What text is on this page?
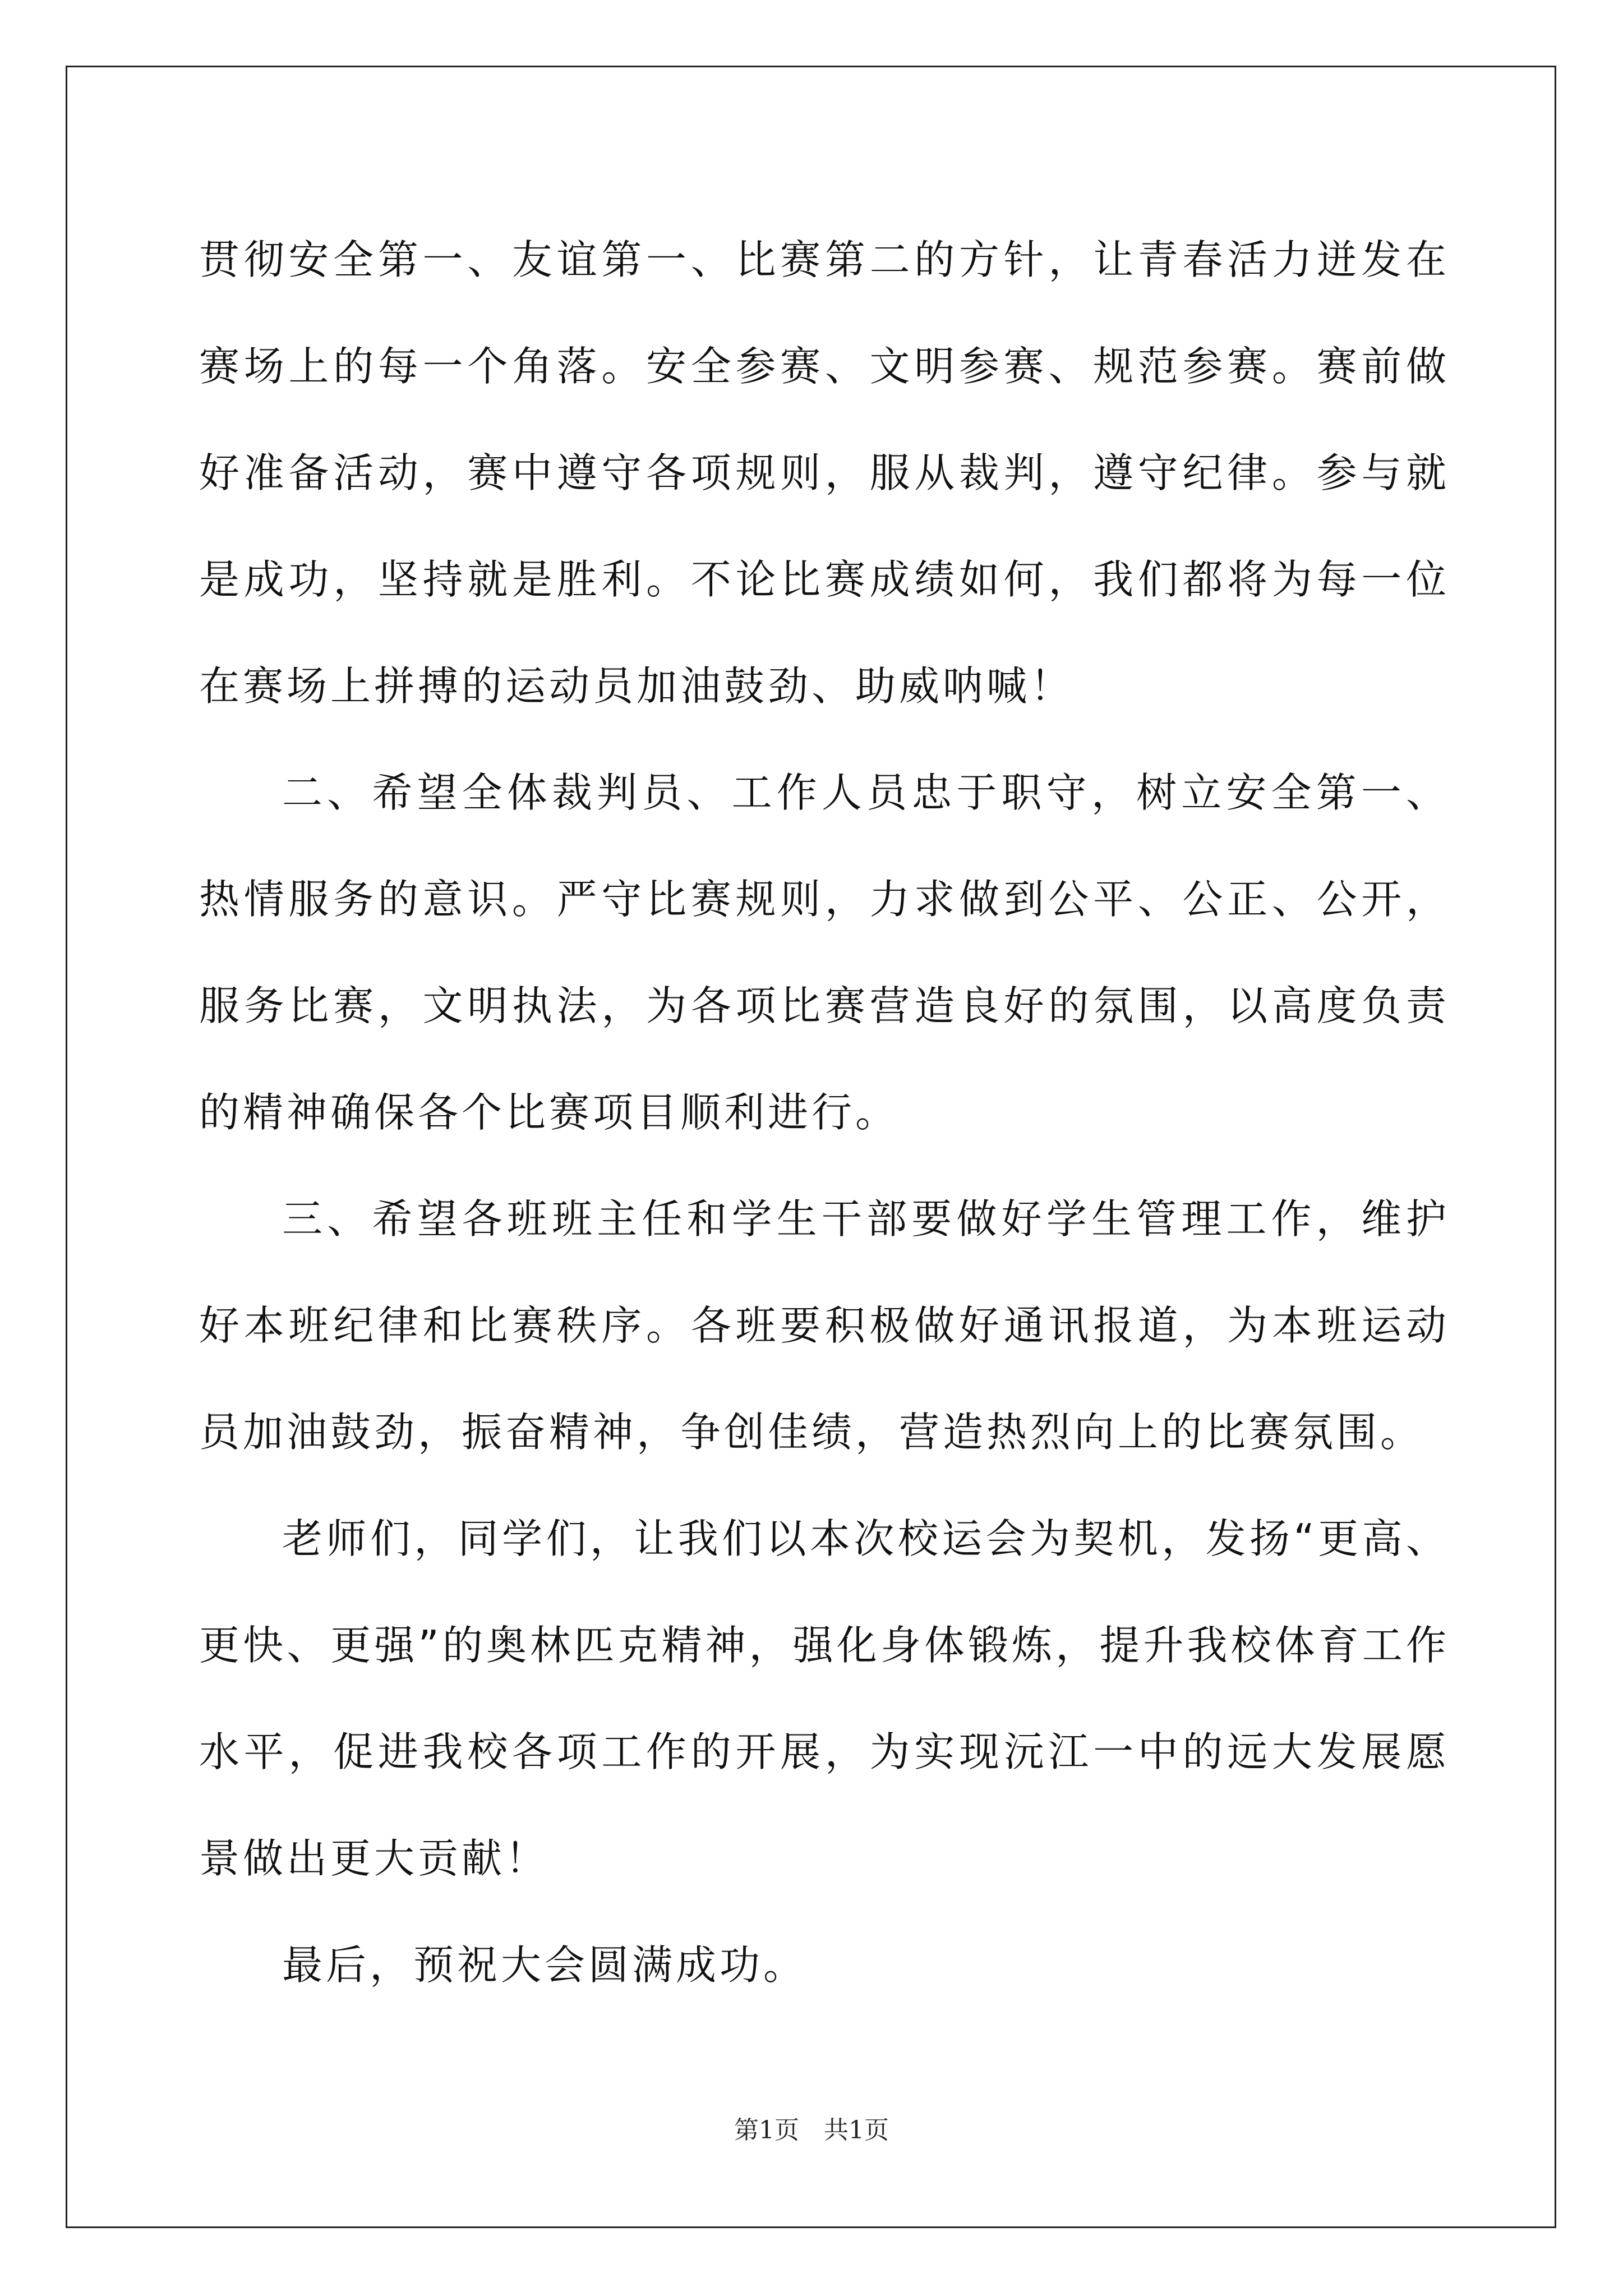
贯彻安全第一、友谊第一、比赛第二的方针，让青春活力迸发在赛场上的每一个角落。安全参赛、文明参赛、规范参赛。赛前做好准备活动，赛中遵守各项规则，服从裁判，遵守纪律。参与就是成功，坚持就是胜利。不论比赛成绩如何，我们都将为每一位在赛场上拼搏的运动员加油鼓劲、助威呐喊！

二、希望全体裁判员、工作人员忠于职守，树立安全第一、热情服务的意识。严守比赛规则，力求做到公平、公正、公开，服务比赛，文明执法，为各项比赛营造良好的氛围，以高度负责的精神确保各个比赛项目顺利进行。

三、希望各班班主任和学生干部要做好学生管理工作，维护好本班纪律和比赛秩序。各班要积极做好通讯报道，为本班运动员加油鼓劲，振奋精神，争创佳绩，营造热烈向上的比赛氛围。

老师们，同学们，让我们以本次校运会为契机，发扬“更高、更快、更强”的奥林匹克精神，强化身体锻炼，提升我校体育工作水平，促进我校各项工作的开展，为实现沅江一中的远大发展愿景做出更大贡献！

最后，预祝大会圆满成功。

第1页　共1页
